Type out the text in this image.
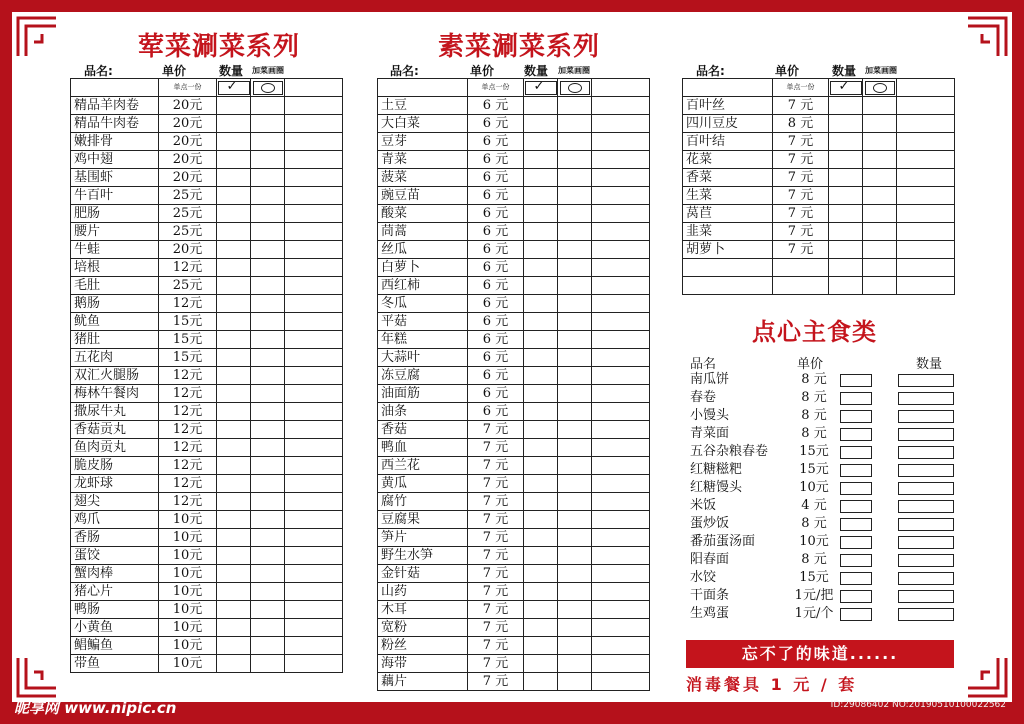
荤菜涮菜系列
品名:	单价	数量 加菜画圈
	单点一份	✓		

精品羊肉卷	20元			
精品牛肉卷	20元			
嫩排骨	20元			
鸡中翅	20元			
基围虾	20元			
牛百叶	25元			
肥肠	25元			
腰片	25元			
牛蛙	20元			
培根	12元			
毛肚	25元			
鹅肠	12元			
鱿鱼	15元			
猪肚	15元			
五花肉	15元			
双汇火腿肠	12元			
梅林午餐肉	12元			
撒尿牛丸	12元			
香菇贡丸	12元			
鱼肉贡丸	12元			
脆皮肠	12元			
龙虾球	12元			
翅尖	12元			
鸡爪	10元			
香肠	10元			
蛋饺	10元			
蟹肉棒	10元			
猪心片	10元			
鸭肠	10元			
小黄鱼	10元			
鲳鳊鱼	10元			
带鱼	10元			
素菜涮菜系列
品名:	单价 数量 加菜画圈
	单点一份	✓		

土豆	6 元			
大白菜	6 元			
豆芽	6 元			
青菜	6 元			
菠菜	6 元			
豌豆苗	6 元			
酸菜	6 元			
茼蒿	6 元			
丝瓜	6 元			
白萝卜	6 元			
西红柿	6 元			
冬瓜	6 元			
平菇	6 元			
年糕	6 元			
大蒜叶	6 元			
冻豆腐	6 元			
油面筋	6 元			
油条	6 元			
香菇	7 元			
鸭血	7 元			
西兰花	7 元			
黄瓜	7 元			
腐竹	7 元			
豆腐果	7 元			
笋片	7 元			
野生水笋	7 元			
金针菇	7 元			
山药	7 元			
木耳	7 元			
宽粉	7 元			
粉丝	7 元			
海带	7 元			
藕片	7 元			
品名:	单价	数量 加菜画圈
	单点一份	✓		

百叶丝	7 元			
四川豆皮	8 元			
百叶结	7 元			
花菜	7 元			
香菜	7 元			
生菜	7 元			
莴苣	7 元			
韭菜	7 元			
胡萝卜	7 元			

点心主食类
品名	单价	数量
南瓜饼	8 元
春卷	8 元
小馒头	8 元
青菜面	8 元
五谷杂粮春卷	15元
红糖糍粑	15元
红糖馒头	10元
米饭	4 元
蛋炒饭	8 元
番茄蛋汤面	10元
阳春面	8 元
水饺	15元
干面条	1元/把
生鸡蛋	1元/个
忘不了的味道......
消毒餐具 1 元 / 套
昵享网 www.nipic.cn	ID:29086402 NO:20190510100022562
